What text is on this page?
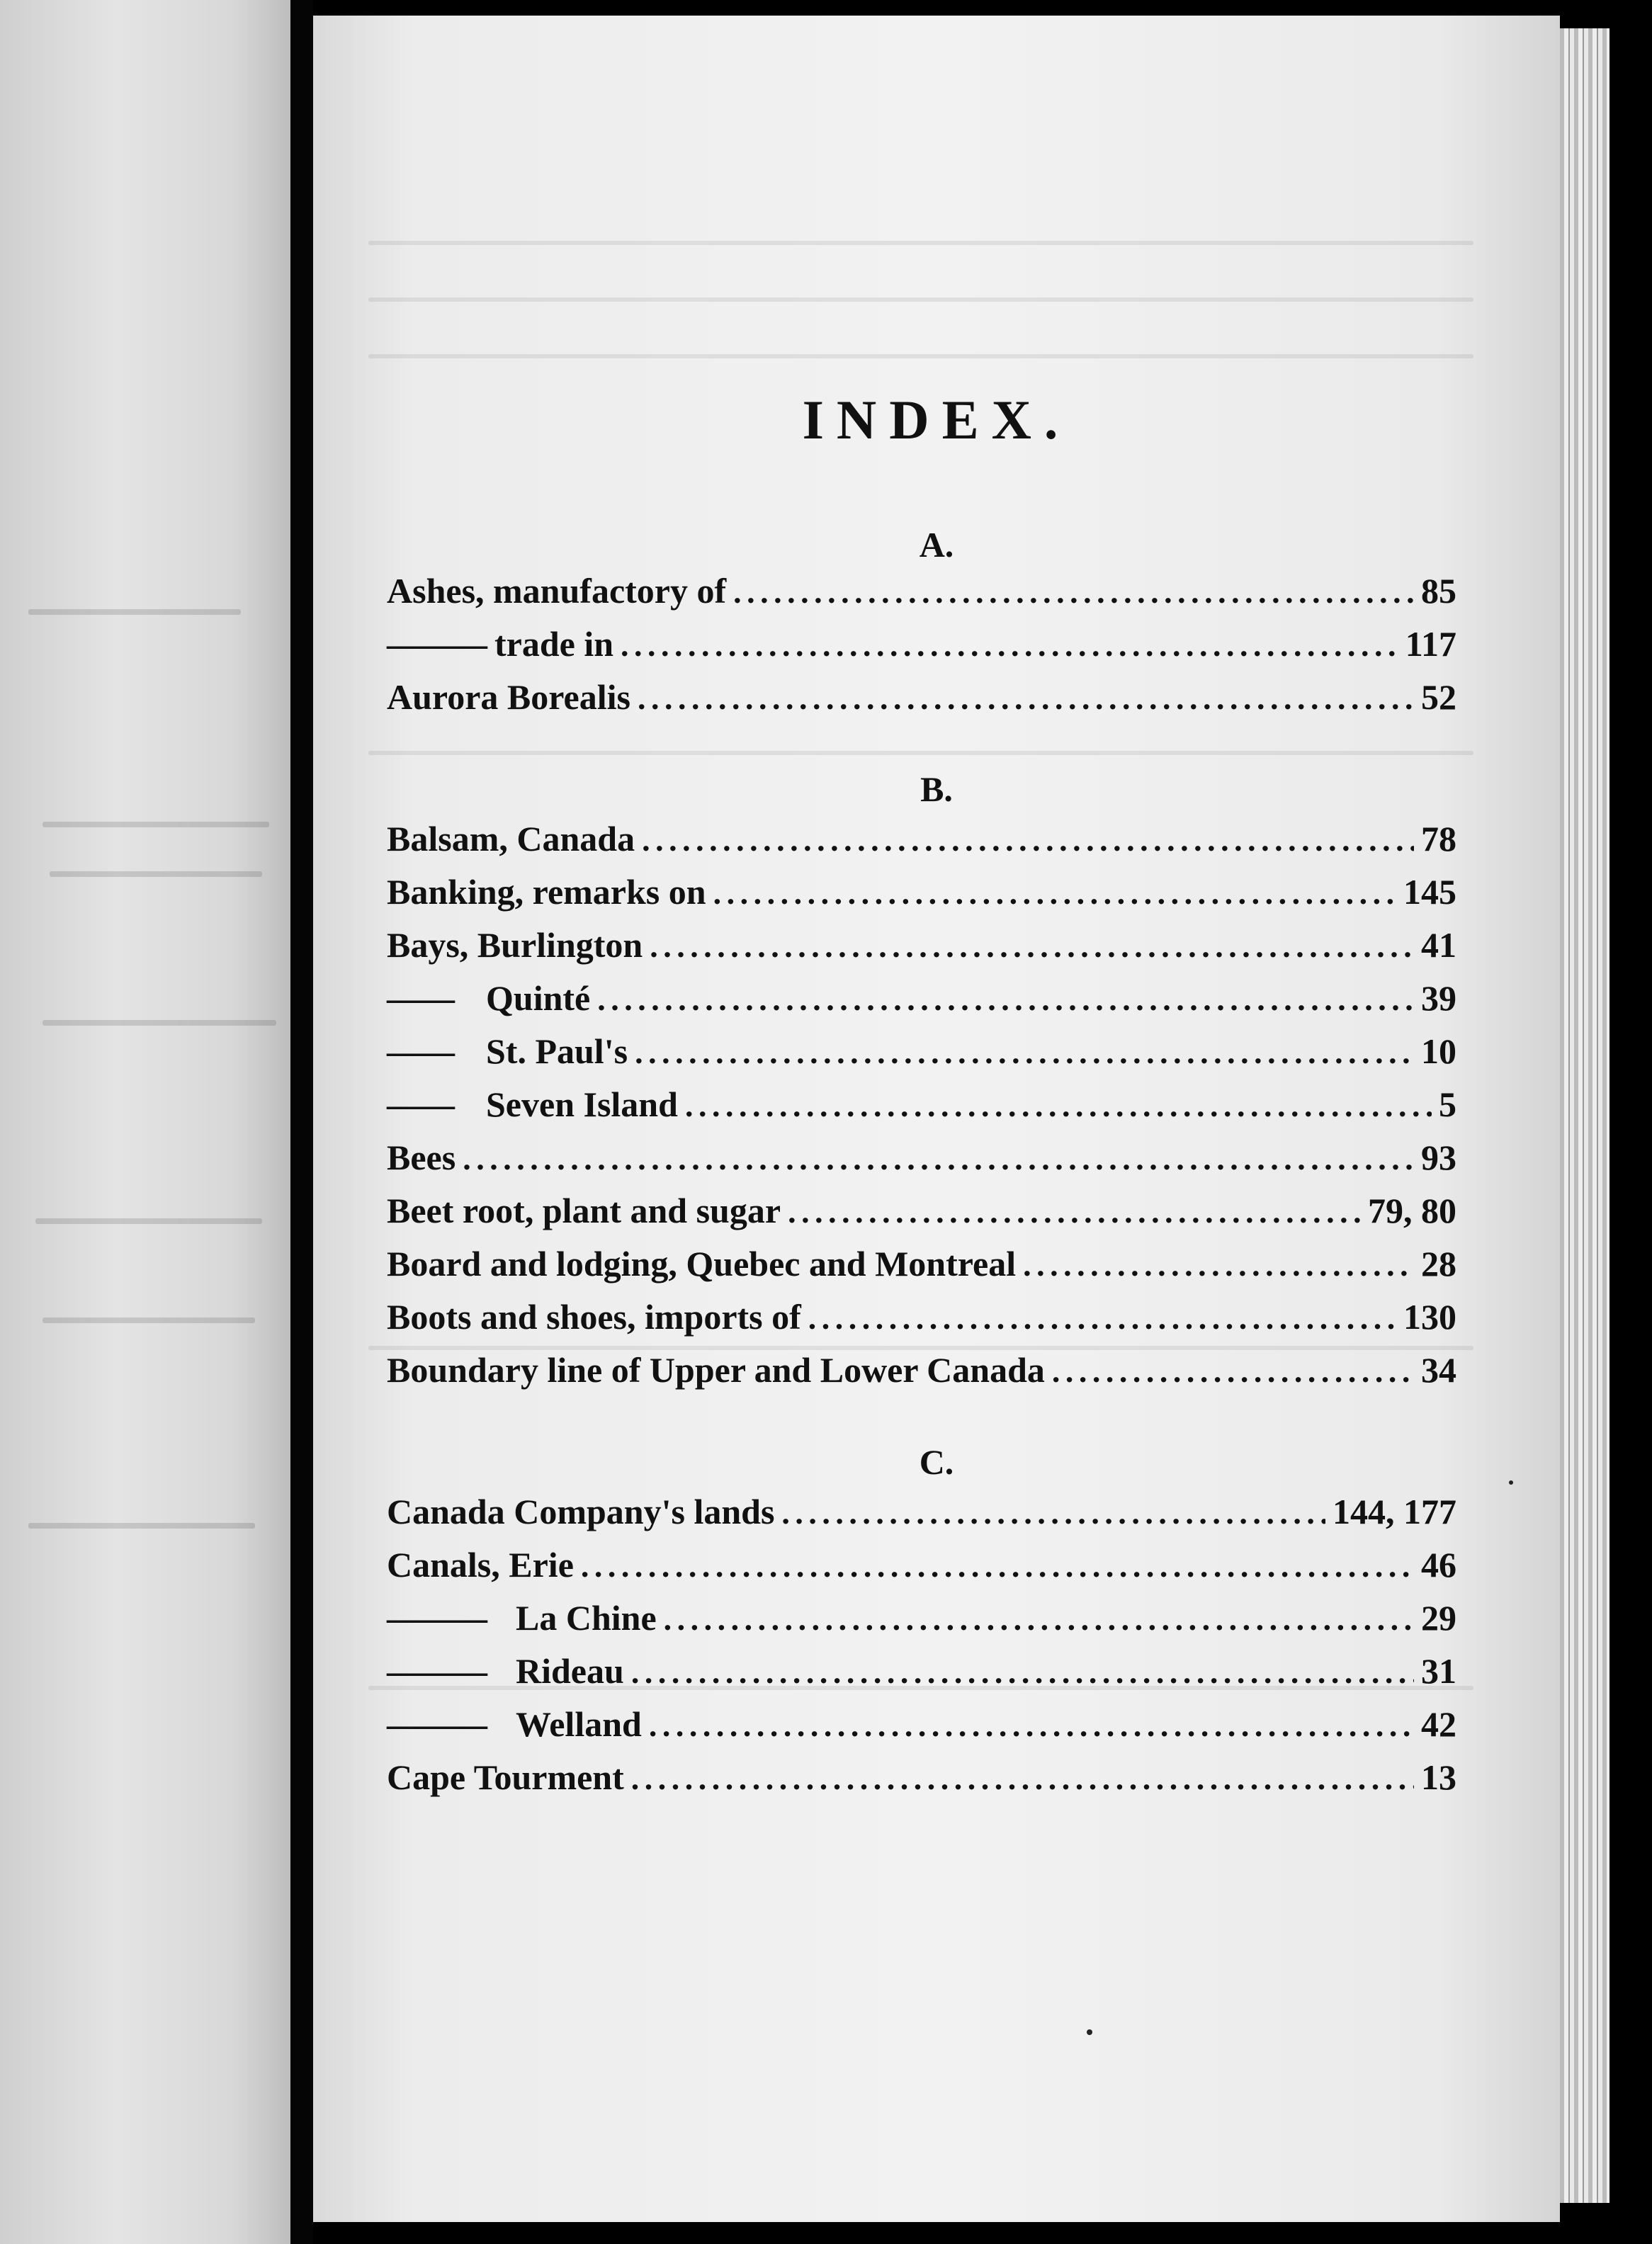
INDEX.
A.
Ashes, manufactory of . . .	85
——— trade in . . .	117
Aurora Borealis . . .	52
B.
Balsam, Canada . . .	78
Banking, remarks on . . .	145
Bays, Burlington . . .	41
—— Quinté . . .	39
—— St. Paul's . . .	10
—— Seven Island . . .	5
Bees . . .	93
Beet root, plant and sugar . . .	79, 80
Board and lodging, Quebec and Montreal . . .	28
Boots and shoes, imports of . . .	130
Boundary line of Upper and Lower Canada . . .	34
C.
Canada Company's lands . . .	144, 177
Canals, Erie . . .	46
——— La Chine . . .	29
——— Rideau . . .	31
——— Welland . . .	42
Cape Tourment . . .	13
